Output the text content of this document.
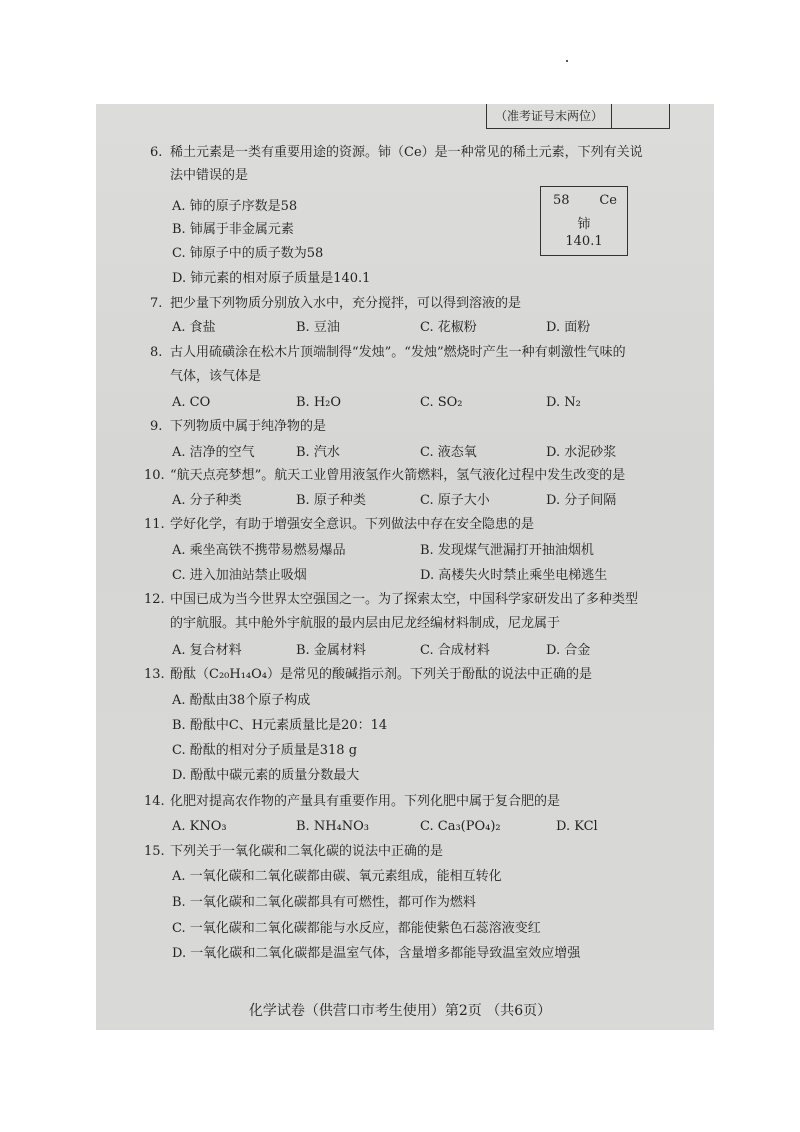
（准考证号末两位）
58 Ce
铈
140.1
6. 稀土元素是一类有重要用途的资源。铈（Ce）是一种常见的稀土元素，下列有关说
法中错误的是
A. 铈的原子序数是58
B. 铈属于非金属元素
C. 铈原子中的质子数为58
D. 铈元素的相对原子质量是140.1
7. 把少量下列物质分别放入水中，充分搅拌，可以得到溶液的是
A. 食盐	B. 豆油	C. 花椒粉	D. 面粉
8. 古人用硫磺涂在松木片顶端制得“发烛”。“发烛”燃烧时产生一种有刺激性气味的
气体，该气体是
A. CO	B. H₂O	C. SO₂	D. N₂
9. 下列物质中属于纯净物的是
A. 洁净的空气	B. 汽水	C. 液态氧	D. 水泥砂浆
10. “航天点亮梦想”。航天工业曾用液氢作火箭燃料，氢气液化过程中发生改变的是
A. 分子种类	B. 原子种类	C. 原子大小	D. 分子间隔
11. 学好化学，有助于增强安全意识。下列做法中存在安全隐患的是
A. 乘坐高铁不携带易燃易爆品	B. 发现煤气泄漏打开抽油烟机
C. 进入加油站禁止吸烟	D. 高楼失火时禁止乘坐电梯逃生
12. 中国已成为当今世界太空强国之一。为了探索太空，中国科学家研发出了多种类型
的宇航服。其中舱外宇航服的最内层由尼龙经编材料制成，尼龙属于
A. 复合材料	B. 金属材料	C. 合成材料	D. 合金
13. 酚酞（C₂₀H₁₄O₄）是常见的酸碱指示剂。下列关于酚酞的说法中正确的是
A. 酚酞由38个原子构成
B. 酚酞中C、H元素质量比是20：14
C. 酚酞的相对分子质量是318 g
D. 酚酞中碳元素的质量分数最大
14. 化肥对提高农作物的产量具有重要作用。下列化肥中属于复合肥的是
A. KNO₃	B. NH₄NO₃	C. Ca₃(PO₄)₂	D. KCl
15. 下列关于一氧化碳和二氧化碳的说法中正确的是
A. 一氧化碳和二氧化碳都由碳、氧元素组成，能相互转化
B. 一氧化碳和二氧化碳都具有可燃性，都可作为燃料
C. 一氧化碳和二氧化碳都能与水反应，都能使紫色石蕊溶液变红
D. 一氧化碳和二氧化碳都是温室气体，含量增多都能导致温室效应增强
化学试卷（供营口市考生使用）第2页 （共6页）
